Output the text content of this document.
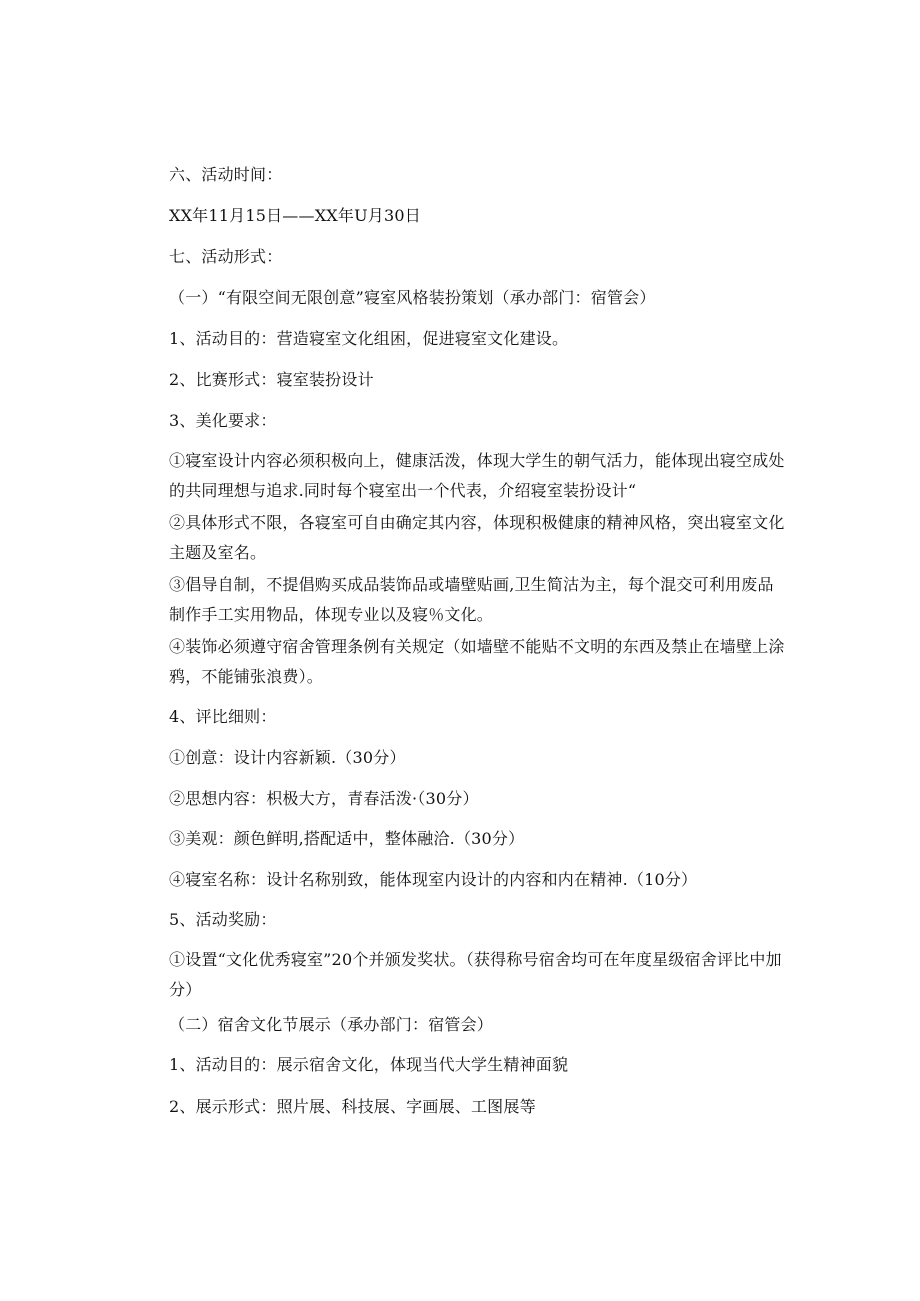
六、活动时间：

XX年11月15日——XX年U月30日

七、活动形式：

（一）“有限空间无限创意”寝室风格装扮策划（承办部门：宿管会）

1、活动目的：营造寝室文化组困，促进寝室文化建设。

2、比赛形式：寝室装扮设计

3、美化要求：

①寝室设计内容必须积极向上，健康活泼，体现大学生的朝气活力，能体现出寝空成处的共同理想与追求.同时每个寝室出一个代表，介绍寝室装扮设计“

②具体形式不限，各寝室可自由确定其内容，体现积极健康的精神风格，突出寝室文化主题及室名。

③倡导自制，不提倡购买成品装饰品或墙壁贴画,卫生简沽为主，每个混交可利用废品制作手工实用物品，体现专业以及寝％文化。

④装饰必须遵守宿舍管理条例有关规定（如墙壁不能贴不文明的东西及禁止在墙壁上涂鸦，不能铺张浪费）。

4、评比细则：

①创意：设计内容新颖.（30分）

②思想内容：枳极大方，青春活泼·（30分）

③美观：颜色鲜明,搭配适中，整体融洽.（30分）

④寝室名称：设计名称别致，能体现室内设计的内容和内在精神.（10分）

5、活动奖励：

①设置“文化优秀寝室”20个并颁发奖状。（获得称号宿舍均可在年度星级宿舍评比中加分）

（二）宿舍文化节展示（承办部门：宿管会）

1、活动目的：展示宿舍文化，体现当代大学生精神面貌

2、展示形式：照片展、科技展、字画展、工图展等
